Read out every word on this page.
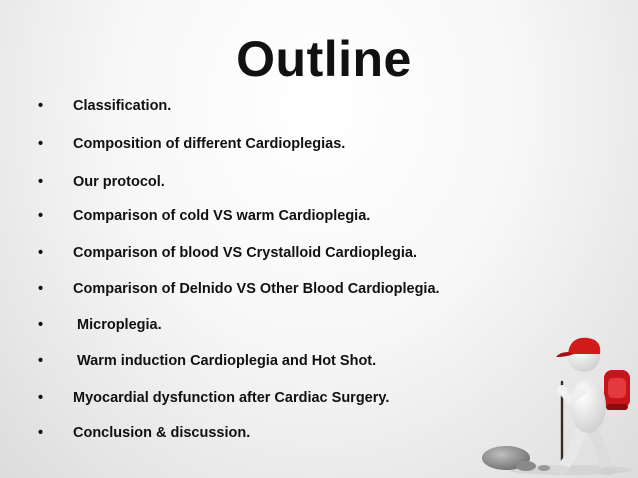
Outline
• Classification.
• Composition of different Cardioplegias.
• Our protocol.
• Comparison of cold VS warm Cardioplegia.
• Comparison of blood VS Crystalloid Cardioplegia.
• Comparison of Delnido VS Other Blood Cardioplegia.
• Microplegia.
• Warm induction Cardioplegia and Hot Shot.
• Myocardial dysfunction after Cardiac Surgery.
• Conclusion & discussion.
